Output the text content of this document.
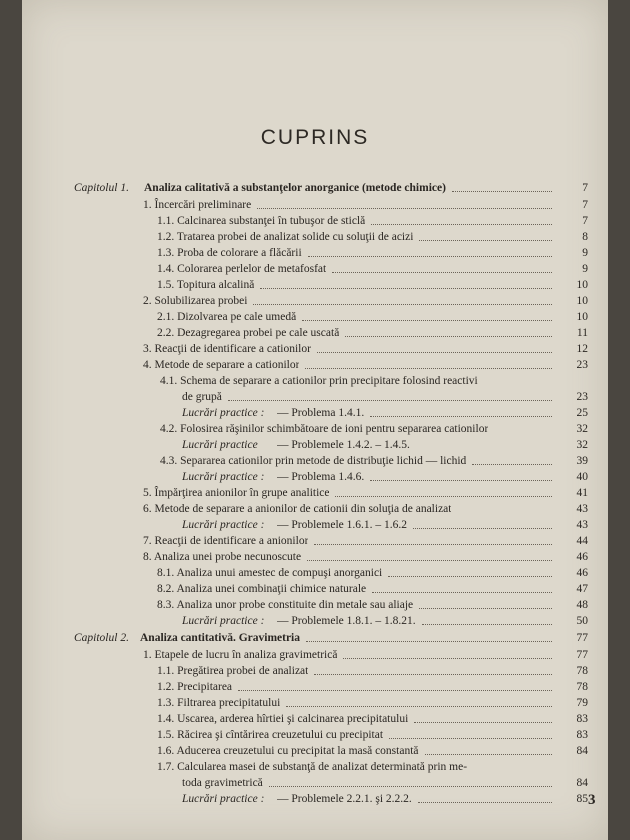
CUPRINS
Capitolul 1. Analiza calitativă a substanţelor anorganice (metode chimice)	7
1. Încercări preliminare	7
1.1. Calcinarea substanţei în tubuşor de sticlă	7
1.2. Tratarea probei de analizat solide cu soluţii de acizi	8
1.3. Proba de colorare a flăcării	9
1.4. Colorarea perlelor de metafosfat	9
1.5. Topitura alcalină	10
2. Solubilizarea probei	10
2.1. Dizolvarea pe cale umedă	10
2.2. Dezagregarea probei pe cale uscată	11
3. Reacţii de identificare a cationilor	12
4. Metode de separare a cationilor	23
4.1. Schema de separare a cationilor prin precipitare folosind reactivi
de grupă	23
Lucrări practice : — Problema 1.4.1.	25
4.2. Folosirea răşinilor schimbătoare de ioni pentru separarea cationilor	32
Lucrări practice — Problemele 1.4.2. – 1.4.5.	32
4.3. Separarea cationilor prin metode de distribuţie lichid — lichid	39
Lucrări practice : — Problema 1.4.6.	40
5. Împărţirea anionilor în grupe analitice	41
6. Metode de separare a anionilor de cationii din soluţia de analizat	43
Lucrări practice : — Problemele 1.6.1. – 1.6.2	43
7. Reacţii de identificare a anionilor	44
8. Analiza unei probe necunoscute	46
8.1. Analiza unui amestec de compuşi anorganici	46
8.2. Analiza unei combinaţii chimice naturale	47
8.3. Analiza unor probe constituite din metale sau aliaje	48
Lucrări practice : — Problemele 1.8.1. – 1.8.21.	50
Capitolul 2. Analiza cantitativă. Gravimetria	77
1. Etapele de lucru în analiza gravimetrică	77
1.1. Pregătirea probei de analizat	78
1.2. Precipitarea	78
1.3. Filtrarea precipitatului	79
1.4. Uscarea, arderea hîrtiei şi calcinarea precipitatului	83
1.5. Răcirea şi cîntărirea creuzetului cu precipitat	83
1.6. Aducerea creuzetului cu precipitat la masă constantă	84
1.7. Calcularea masei de substanţă de analizat determinată prin me-
toda gravimetrică	84
Lucrări practice : — Problemele 2.2.1. şi 2.2.2.	85 3
